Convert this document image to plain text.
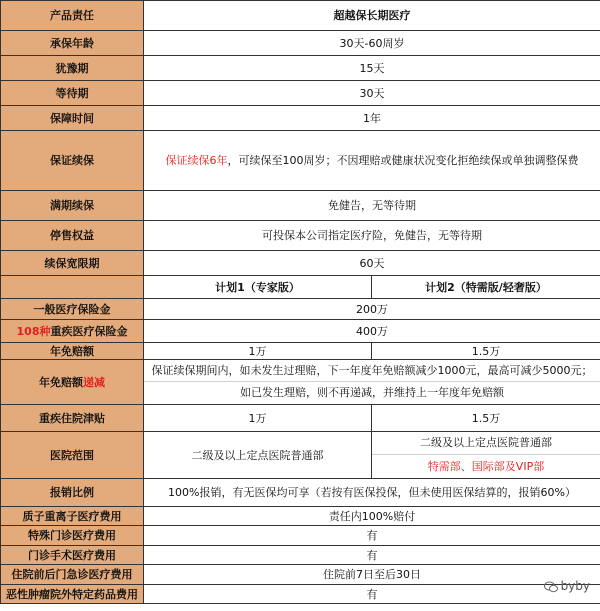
产品责任	超越保长期医疗	
承保年龄	30天-60周岁	
犹豫期	15天	
等待期	30天	
保障时间	1年	
保证续保	保证续保6年，可续保至100周岁；不因理赔或健康状况变化拒绝续保或单独调整保费	
满期续保	免健告，无等待期	
停售权益	可投保本公司指定医疗险，免健告，无等待期	
续保宽限期	60天	
	计划1（专家版）	计划2（特需版/轻奢版）
一般医疗保险金	200万	
108种重疾医疗保险金	400万	
年免赔额	1万	1.5万
年免赔额递减	保证续保期间内，如未发生过理赔，下一年度年免赔额减少1000元，最高可减少5000元；
如已发生理赔，则不再递减，并维持上一年度年免赔额	

重疾住院津贴	1万	1.5万
医院范围	二级及以上定点医院普通部	二级及以上定点医院普通部
特需部、国际部及VIP部

报销比例	100%报销，有无医保均可享（若按有医保投保，但未使用医保结算的，报销60%）	
质子重离子医疗费用	责任内100%赔付	
特殊门诊医疗费用	有	
门诊手术医疗费用	有	
住院前后门急诊医疗费用	住院前7日至后30日	
恶性肿瘤院外特定药品费用	有	
byby
